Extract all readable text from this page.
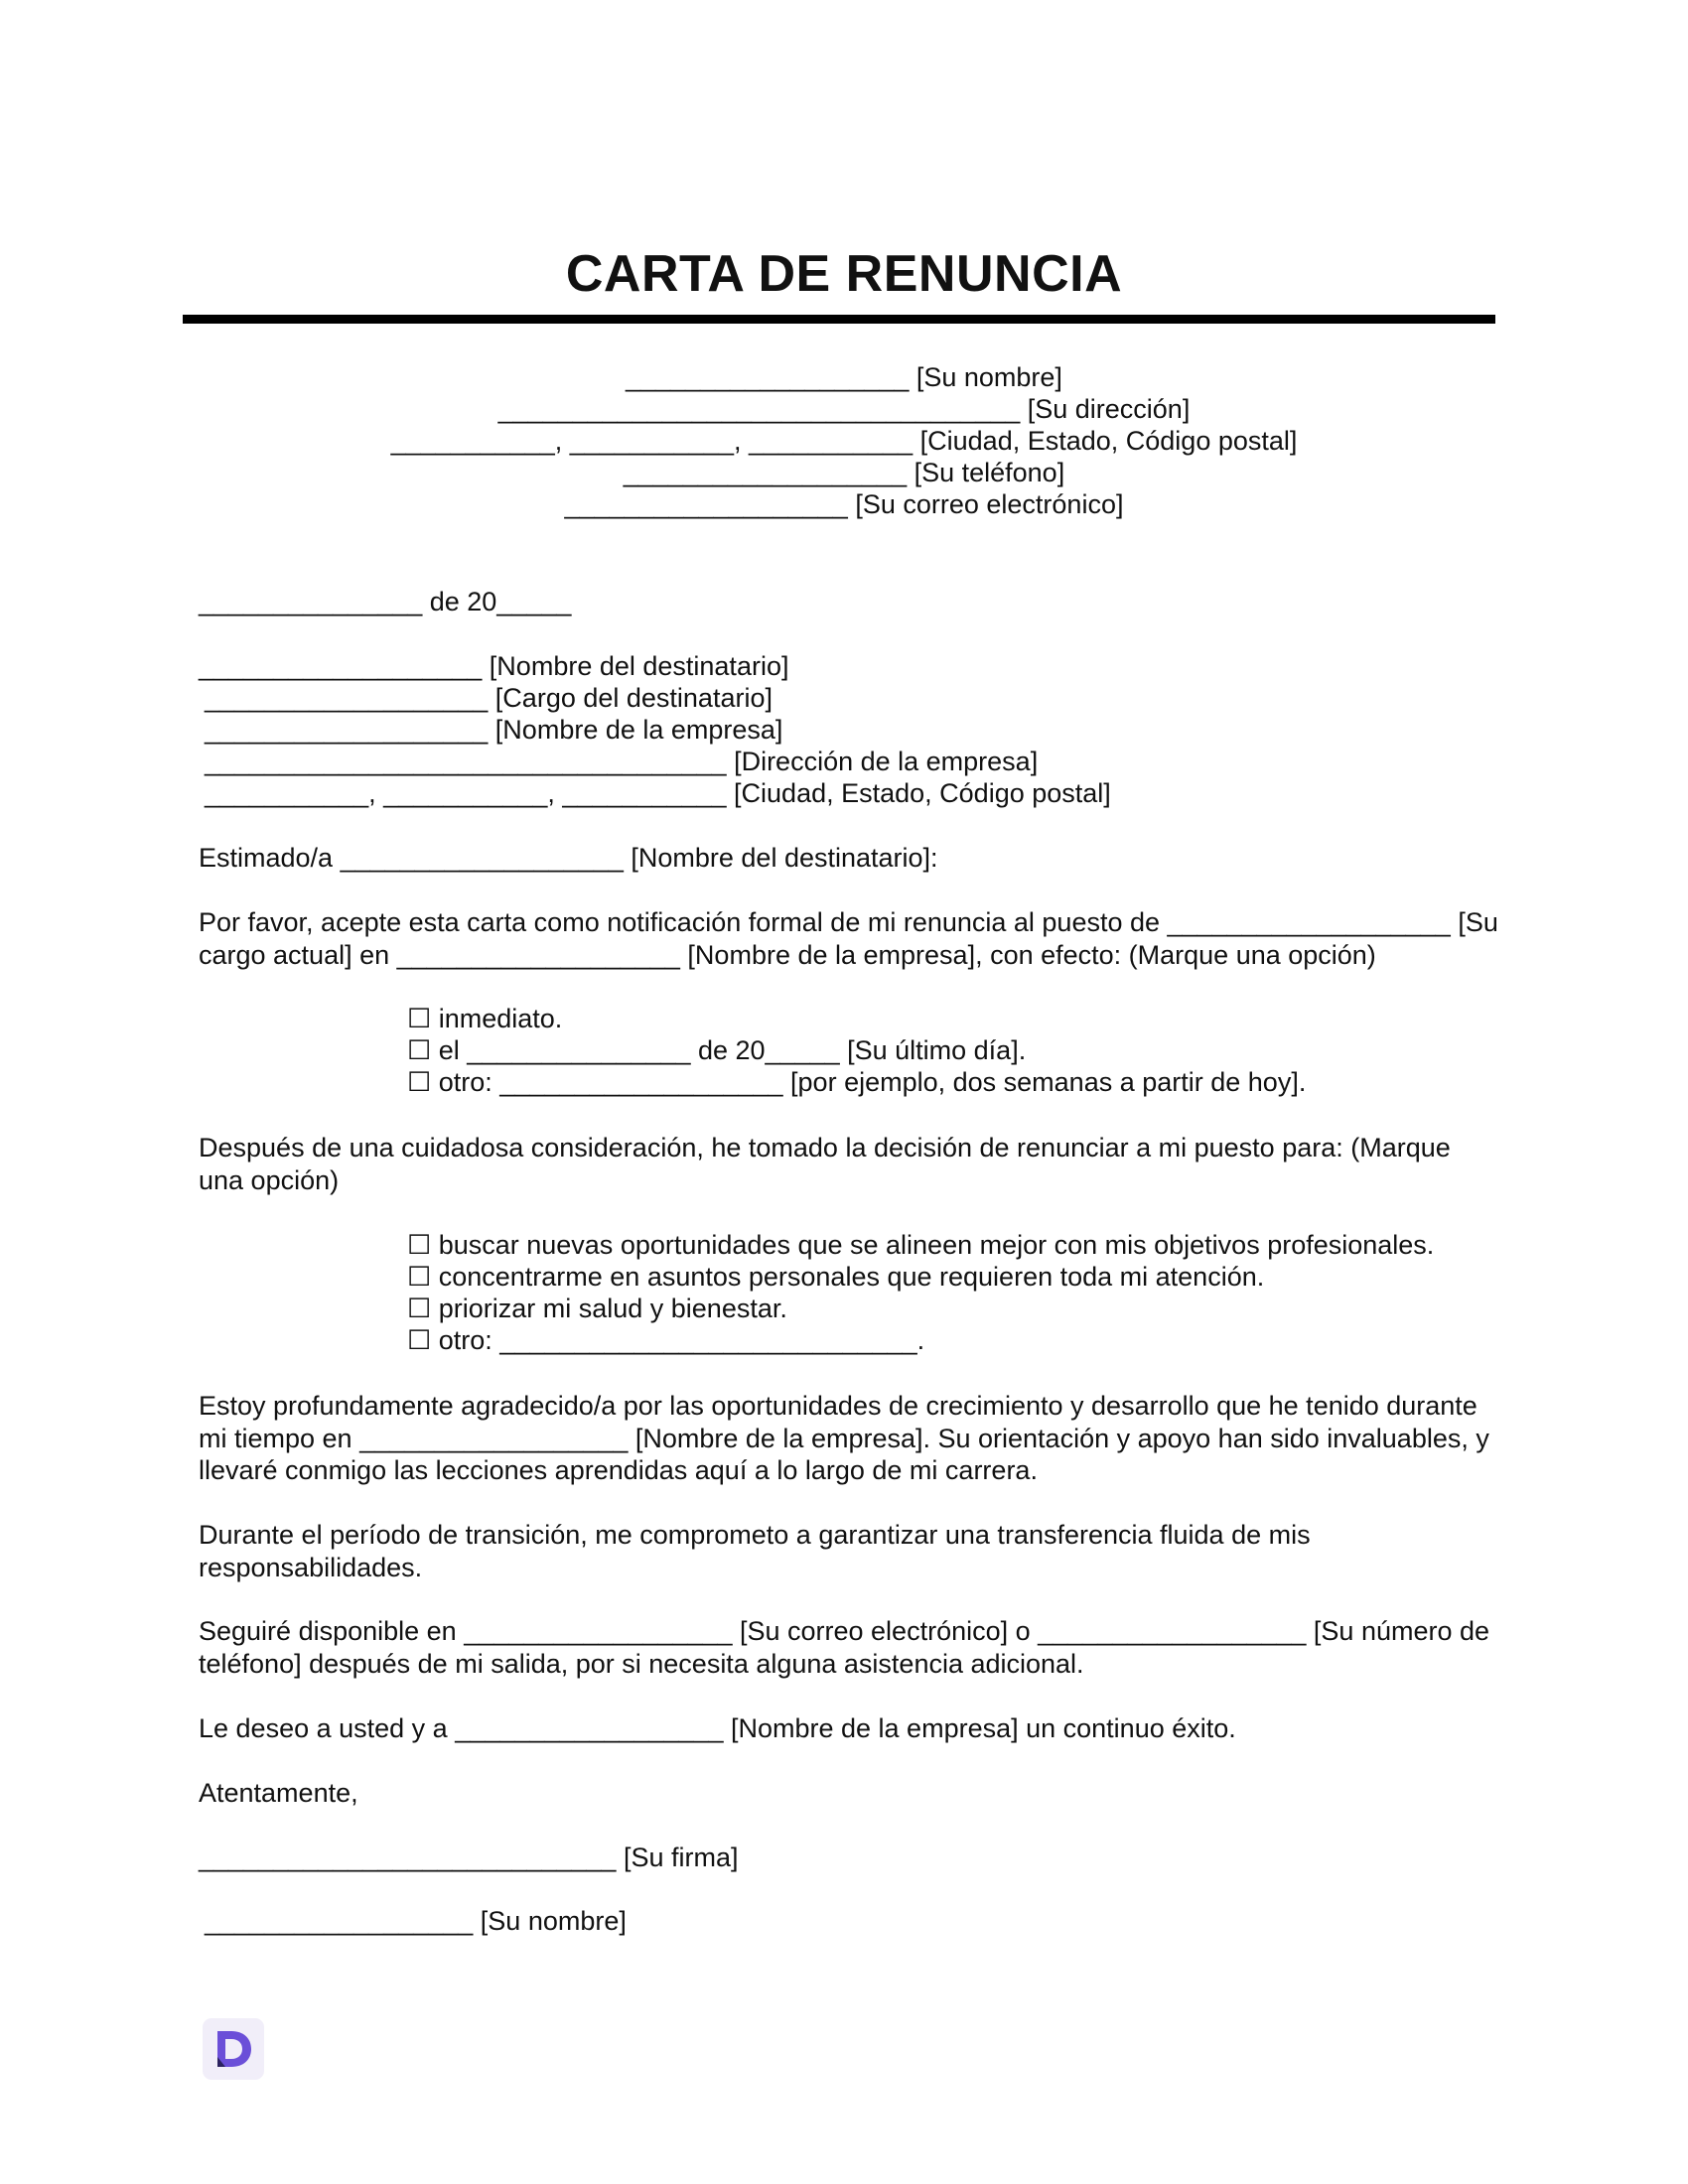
CARTA DE RENUNCIA

___________________ [Su nombre]

___________________________________ [Su dirección]

___________, ___________, ___________ [Ciudad, Estado, Código postal]

___________________ [Su teléfono]

___________________ [Su correo electrónico]

_______________ de 20_____

___________________ [Nombre del destinatario]

___________________ [Cargo del destinatario]

___________________ [Nombre de la empresa]

___________________________________ [Dirección de la empresa]

___________, ___________, ___________ [Ciudad, Estado, Código postal]

Estimado/a ___________________ [Nombre del destinatario]:

Por favor, acepte esta carta como notificación formal de mi renuncia al puesto de ___________________ [Su cargo actual] en ___________________ [Nombre de la empresa], con efecto: (Marque una opción)

☐ inmediato.

☐ el _______________ de 20_____ [Su último día].

☐ otro: ___________________ [por ejemplo, dos semanas a partir de hoy].

Después de una cuidadosa consideración, he tomado la decisión de renunciar a mi puesto para: (Marque una opción)

☐ buscar nuevas oportunidades que se alineen mejor con mis objetivos profesionales.

☐ concentrarme en asuntos personales que requieren toda mi atención.

☐ priorizar mi salud y bienestar.

☐ otro: ____________________________.

Estoy profundamente agradecido/a por las oportunidades de crecimiento y desarrollo que he tenido durante mi tiempo en __________________ [Nombre de la empresa]. Su orientación y apoyo han sido invaluables, y llevaré conmigo las lecciones aprendidas aquí a lo largo de mi carrera.

Durante el período de transición, me comprometo a garantizar una transferencia fluida de mis responsabilidades.

Seguiré disponible en __________________ [Su correo electrónico] o __________________ [Su número de teléfono] después de mi salida, por si necesita alguna asistencia adicional.

Le deseo a usted y a __________________ [Nombre de la empresa] un continuo éxito.

Atentamente,

____________________________ [Su firma]

__________________ [Su nombre]
